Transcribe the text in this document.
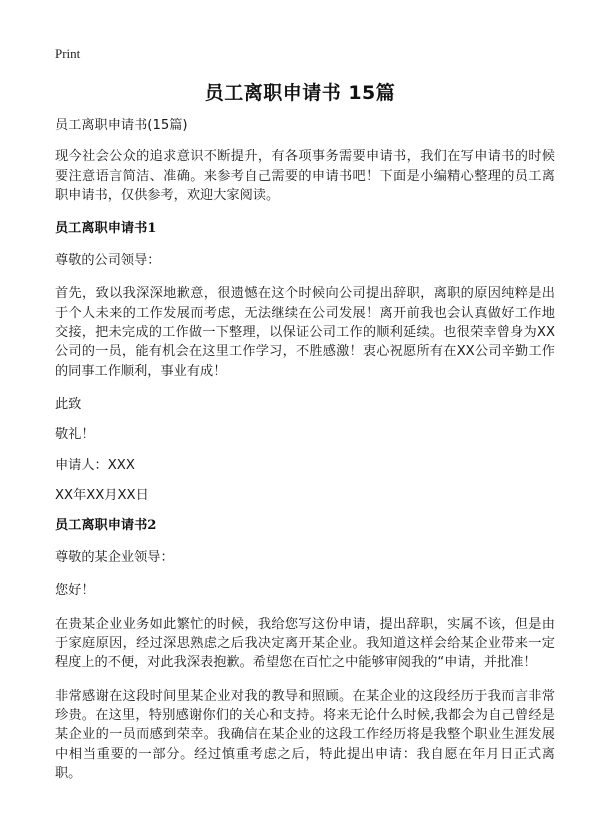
Print
员工离职申请书 15篇

员工离职申请书(15篇)

现今社会公众的追求意识不断提升，有各项事务需要申请书，我们在写申请书的时候要注意语言简洁、准确。来参考自己需要的申请书吧！下面是小编精心整理的员工离职申请书，仅供参考，欢迎大家阅读。

员工离职申请书1

尊敬的公司领导：

首先，致以我深深地歉意，很遗憾在这个时候向公司提出辞职，离职的原因纯粹是出于个人未来的工作发展而考虑，无法继续在公司发展！离开前我也会认真做好工作地交接，把未完成的工作做一下整理，以保证公司工作的顺利延续。也很荣幸曾身为XX公司的一员，能有机会在这里工作学习，不胜感激！衷心祝愿所有在XX公司辛勤工作的同事工作顺利，事业有成！

此致

敬礼！

申请人：XXX

XX年XX月XX日

员工离职申请书2

尊敬的某企业领导：

您好！

在贵某企业业务如此繁忙的时候，我给您写这份申请，提出辞职，实属不该，但是由于家庭原因，经过深思熟虑之后我决定离开某企业。我知道这样会给某企业带来一定程度上的不便，对此我深表抱歉。希望您在百忙之中能够审阅我的“申请，并批准！

非常感谢在这段时间里某企业对我的教导和照顾。在某企业的这段经历于我而言非常珍贵。在这里，特别感谢你们的关心和支持。将来无论什么时候,我都会为自己曾经是某企业的一员而感到荣幸。我确信在某企业的这段工作经历将是我整个职业生涯发展中相当重要的一部分。经过慎重考虑之后，特此提出申请：我自愿在年月日正式离职。
